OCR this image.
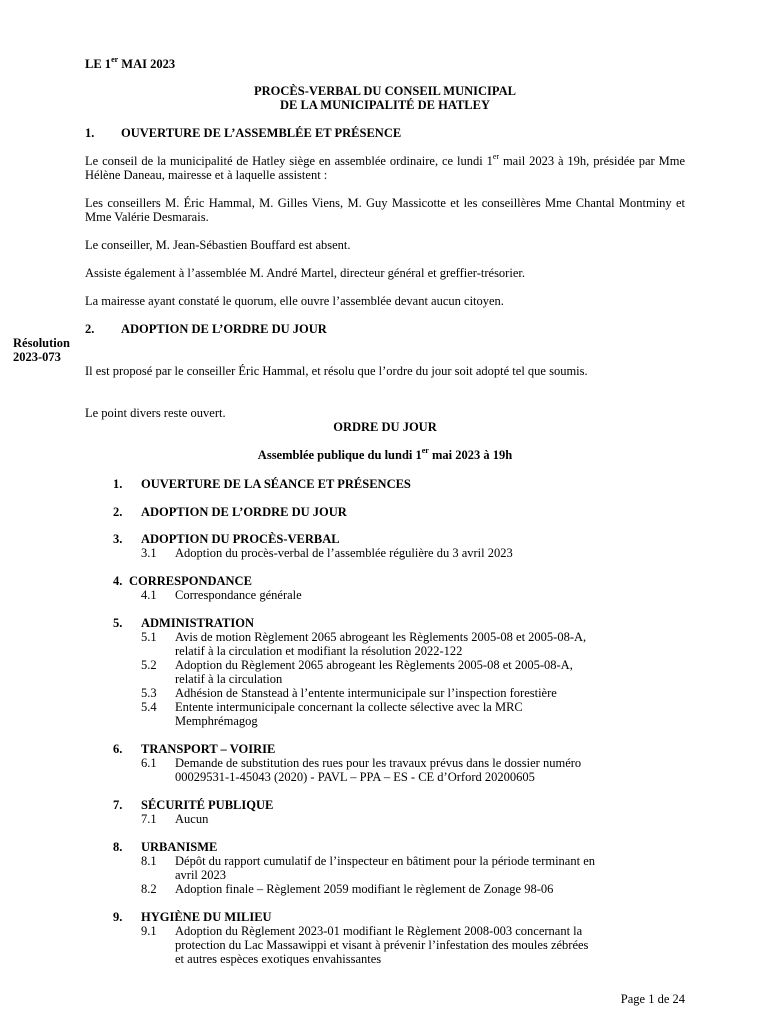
LE 1er MAI 2023
PROCÈS-VERBAL DU CONSEIL MUNICIPAL
DE LA MUNICIPALITÉ DE HATLEY
1. OUVERTURE DE L’ASSEMBLÉE ET PRÉSENCE
Le conseil de la municipalité de Hatley siège en assemblée ordinaire, ce lundi 1er mail 2023 à 19h, présidée par Mme Hélène Daneau, mairesse et à laquelle assistent :
Les conseillers M. Éric Hammal, M. Gilles Viens, M. Guy Massicotte et les conseillères Mme Chantal Montminy et Mme Valérie Desmarais.
Le conseiller, M. Jean-Sébastien Bouffard est absent.
Assiste également à l’assemblée M. André Martel, directeur général et greffier-trésorier.
La mairesse ayant constaté le quorum, elle ouvre l’assemblée devant aucun citoyen.
2. ADOPTION DE L’ORDRE DU JOUR
Résolution
2023-073
Il est proposé par le conseiller Éric Hammal, et résolu que l’ordre du jour soit adopté tel que soumis.
Le point divers reste ouvert.
ORDRE DU JOUR
Assemblée publique du lundi 1er mai 2023 à 19h
1. OUVERTURE DE LA SÉANCE ET PRÉSENCES
2. ADOPTION DE L’ORDRE DU JOUR
3. ADOPTION DU PROCÈS-VERBAL
3.1 Adoption du procès-verbal de l’assemblée régulière du 3 avril 2023
4. CORRESPONDANCE
4.1 Correspondance générale
5. ADMINISTRATION
5.1 Avis de motion Règlement 2065 abrogeant les Règlements 2005-08 et 2005-08-A,
relatif à la circulation et modifiant la résolution 2022-122
5.2 Adoption du Règlement 2065 abrogeant les Règlements 2005-08 et 2005-08-A,
relatif à la circulation
5.3 Adhésion de Stanstead à l’entente intermunicipale sur l’inspection forestière
5.4 Entente intermunicipale concernant la collecte sélective avec la MRC
Memphrémagog
6. TRANSPORT – VOIRIE
6.1 Demande de substitution des rues pour les travaux prévus dans le dossier numéro
00029531-1-45043 (2020) - PAVL – PPA – ES - CE d’Orford 20200605
7. SÉCURITÉ PUBLIQUE
7.1 Aucun
8. URBANISME
8.1 Dépôt du rapport cumulatif de l’inspecteur en bâtiment pour la période terminant en
avril 2023
8.2 Adoption finale – Règlement 2059 modifiant le règlement de Zonage 98-06
9. HYGIÈNE DU MILIEU
9.1 Adoption du Règlement 2023-01 modifiant le Règlement 2008-003 concernant la
protection du Lac Massawippi et visant à prévenir l’infestation des moules zébrées
et autres espèces exotiques envahissantes
Page 1 de 24
